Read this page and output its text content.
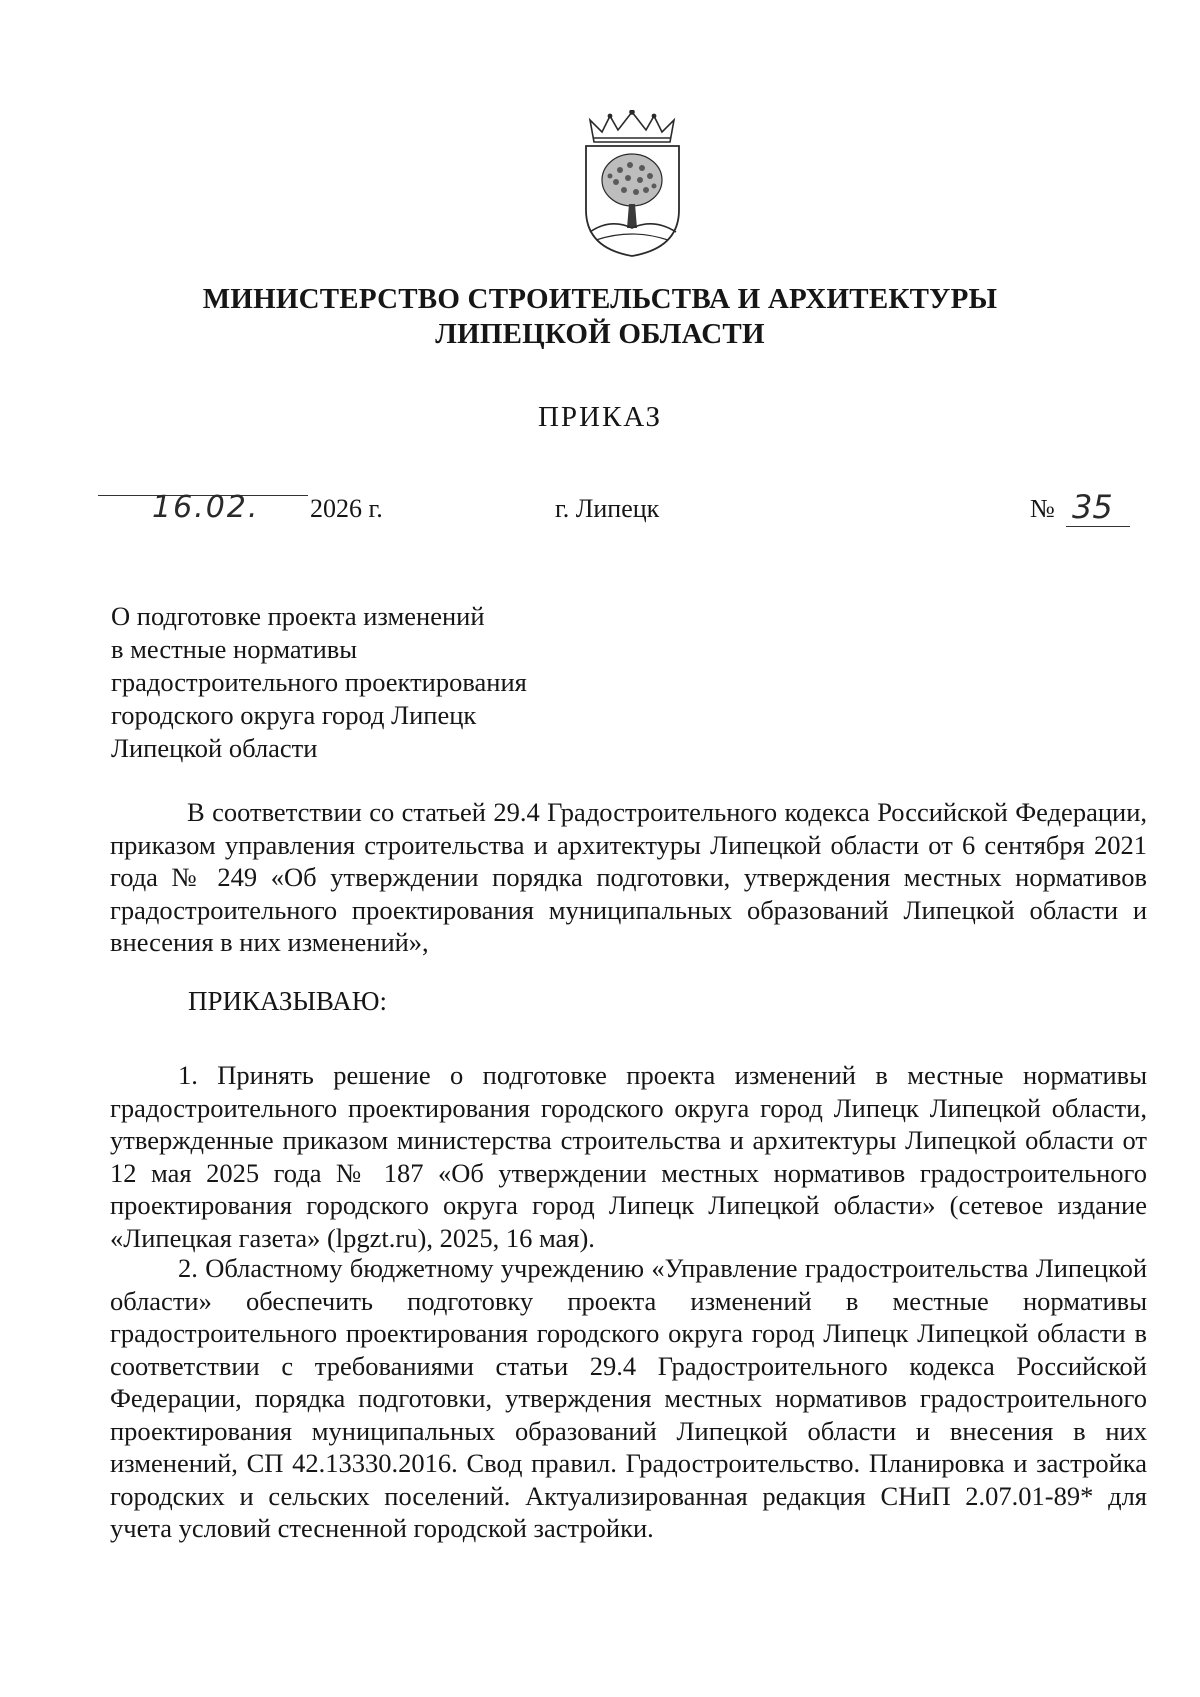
МИНИСТЕРСТВО СТРОИТЕЛЬСТВА И АРХИТЕКТУРЫ
ЛИПЕЦКОЙ ОБЛАСТИ
ПРИКАЗ
16.02. 2026 г.	г. Липецк	№ 35
О подготовке проекта изменений
в местные нормативы
градостроительного проектирования
городского округа город Липецк
Липецкой области
В соответствии со статьей 29.4 Градостроительного кодекса Российской Федерации, приказом управления строительства и архитектуры Липецкой области от 6 сентября 2021 года № 249 «Об утверждении порядка подготовки, утверждения местных нормативов градостроительного проектирования муниципальных образований Липецкой области и внесения в них изменений»,
ПРИКАЗЫВАЮ:
1. Принять решение о подготовке проекта изменений в местные нормативы градостроительного проектирования городского округа город Липецк Липецкой области, утвержденные приказом министерства строительства и архитектуры Липецкой области от 12 мая 2025 года № 187 «Об утверждении местных нормативов градостроительного проектирования городского округа город Липецк Липецкой области» (сетевое издание «Липецкая газета» (lpgzt.ru), 2025, 16 мая).
2. Областному бюджетному учреждению «Управление градостроительства Липецкой области» обеспечить подготовку проекта изменений в местные нормативы градостроительного проектирования городского округа город Липецк Липецкой области в соответствии с требованиями статьи 29.4 Градостроительного кодекса Российской Федерации, порядка подготовки, утверждения местных нормативов градостроительного проектирования муниципальных образований Липецкой области и внесения в них изменений, СП 42.13330.2016. Свод правил. Градостроительство. Планировка и застройка городских и сельских поселений. Актуализированная редакция СНиП 2.07.01-89* для учета условий стесненной городской застройки.
